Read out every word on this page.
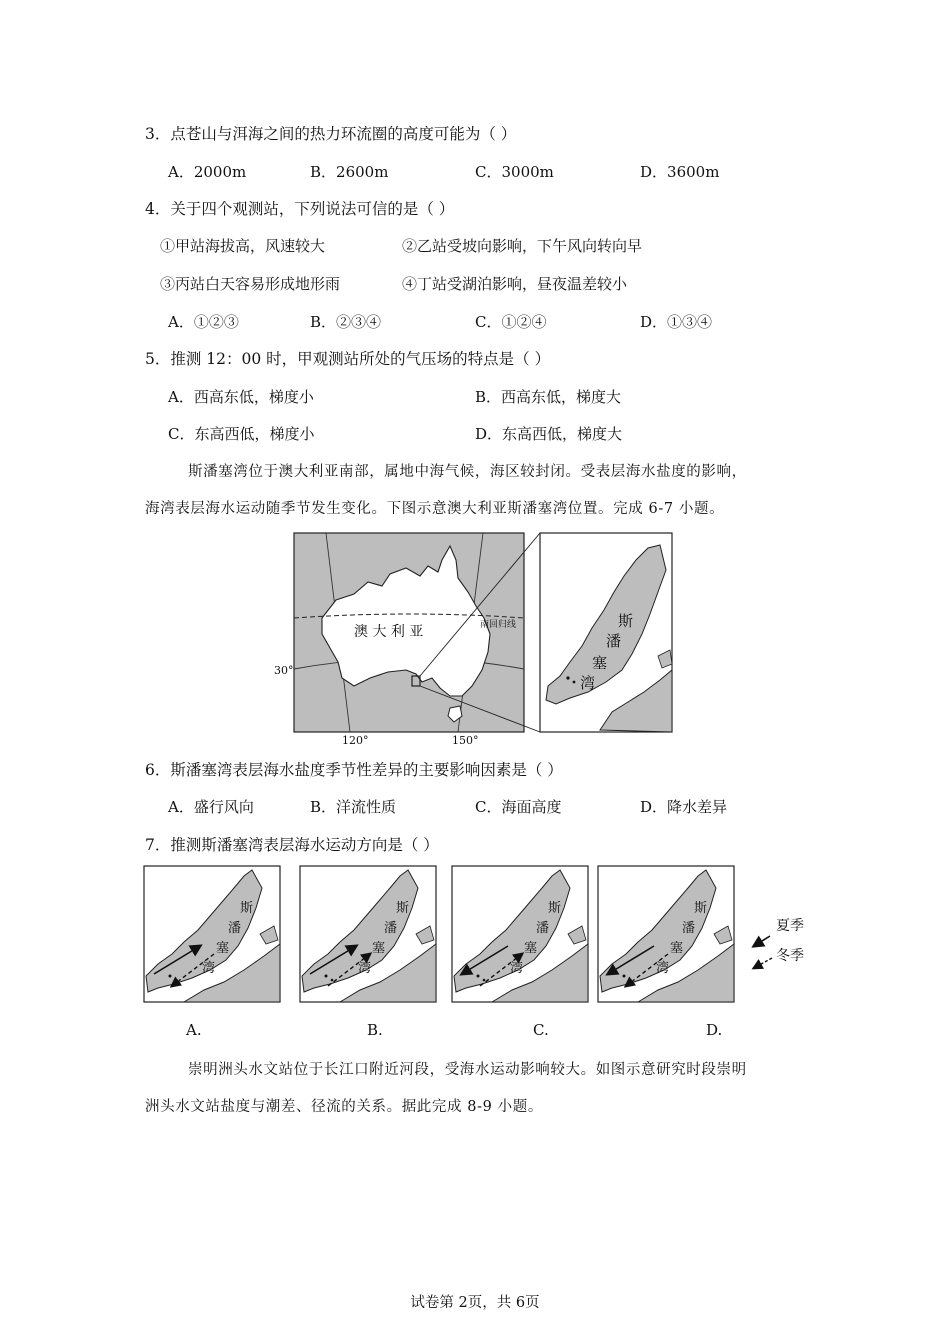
3．点苍山与洱海之间的热力环流圈的高度可能为（ ）
A．2000m	B．2600m	C．3000m	D．3600m
4．关于四个观测站，下列说法可信的是（ ）
①甲站海拔高，风速较大	②乙站受坡向影响，下午风向转向早
③丙站白天容易形成地形雨	④丁站受湖泊影响，昼夜温差较小
A．①②③	B．②③④	C．①②④	D．①③④
5．推测 12：00 时，甲观测站所处的气压场的特点是（ ）
A．西高东低，梯度小	B．西高东低，梯度大
C．东高西低，梯度小	D．东高西低，梯度大
斯潘塞湾位于澳大利亚南部，属地中海气候，海区较封闭。受表层海水盐度的影响，
海湾表层海水运动随季节发生变化。下图示意澳大利亚斯潘塞湾位置。完成 6-7 小题。
澳 大 利 亚	南回归线
30°
120°	150°
斯
潘
塞
湾
6．斯潘塞湾表层海水盐度季节性差异的主要影响因素是（ ）
A．盛行风向	B．洋流性质	C．海面高度	D．降水差异
7．推测斯潘塞湾表层海水运动方向是（ ）
斯
潘
塞
湾
斯
潘
塞
湾
斯
潘
塞
湾
斯
潘
塞
湾
夏季
冬季
A.	B.	C.	D.
崇明洲头水文站位于长江口附近河段，受海水运动影响较大。如图示意研究时段崇明
洲头水文站盐度与潮差、径流的关系。据此完成 8-9 小题。
试卷第 2页，共 6页
